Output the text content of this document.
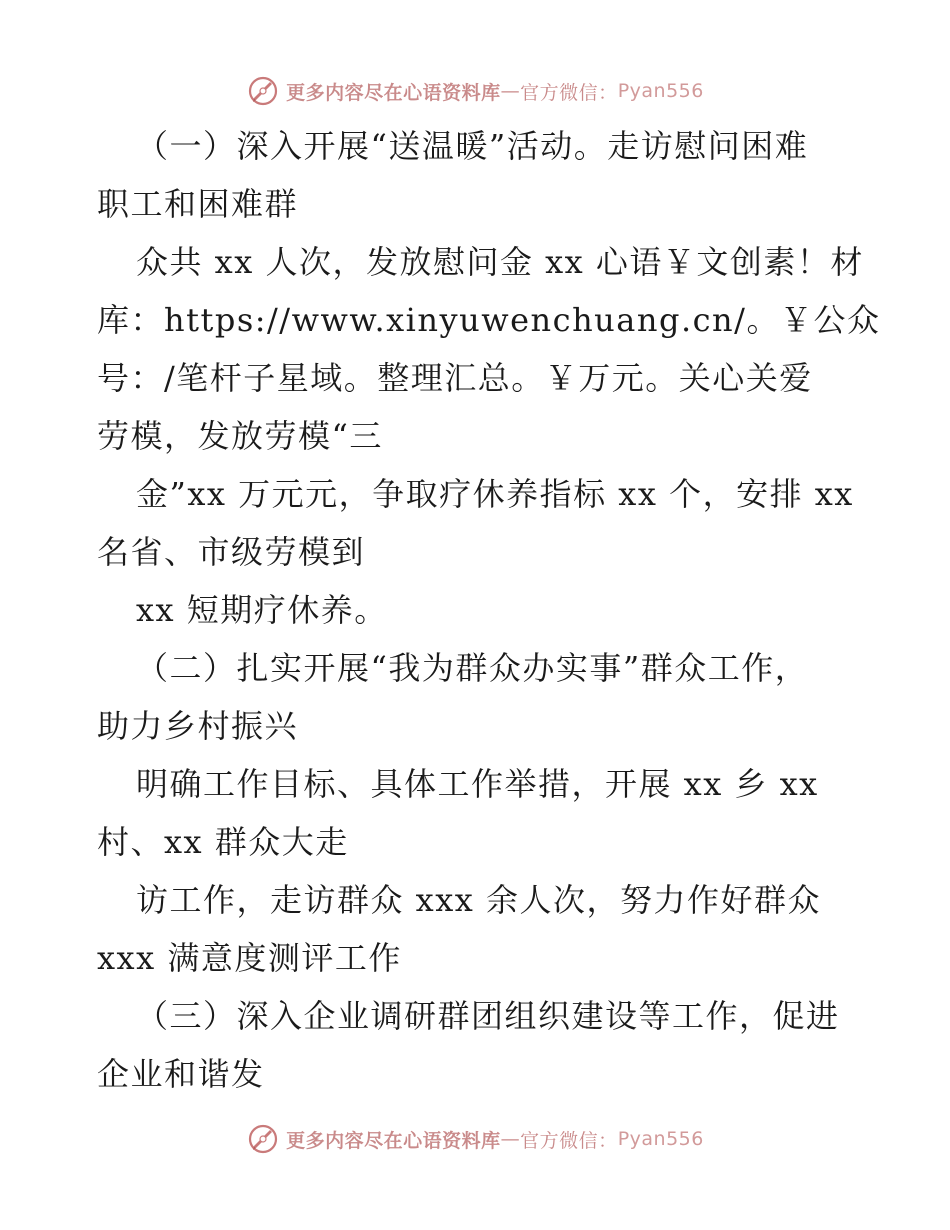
更多内容尽在心语资料库 — 官方微信： Pyan556
（一）深入开展“送温暖”活动。走访慰问困难
职工和困难群
众共 xx 人次，发放慰问金 xx 心语￥文创素！材
库：https://www.xinyuwenchuang.cn/。￥公众
号：/笔杆子星域。整理汇总。￥万元。关心关爱
劳模，发放劳模“三
金”xx 万元元，争取疗休养指标 xx 个，安排 xx
名省、市级劳模到
xx 短期疗休养。
（二）扎实开展“我为群众办实事”群众工作，
助力乡村振兴
明确工作目标、具体工作举措，开展 xx 乡 xx
村、xx 群众大走
访工作，走访群众 xxx 余人次，努力作好群众
xxx 满意度测评工作
（三）深入企业调研群团组织建设等工作，促进
企业和谐发
更多内容尽在心语资料库 — 官方微信： Pyan556
